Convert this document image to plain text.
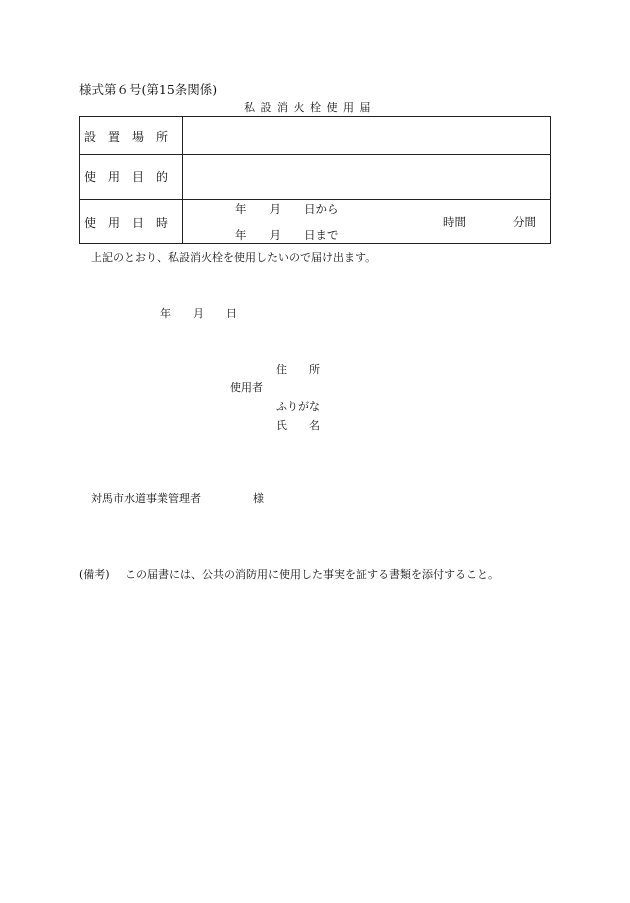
様式第６号(第15条関係)
私 設 消 火 栓 使 用 届
設　置　場　所
使　用　目　的
使　用　日　時
年　　月　　日から
年　　月　　日まで
時間	分間
上記のとおり、私設消火栓を使用したいので届け出ます。
年　　月　　日
住　　所
使用者
ふりがな
氏　　名
対馬市水道事業管理者	様
(備考) この届書には、公共の消防用に使用した事実を証する書類を添付すること。
